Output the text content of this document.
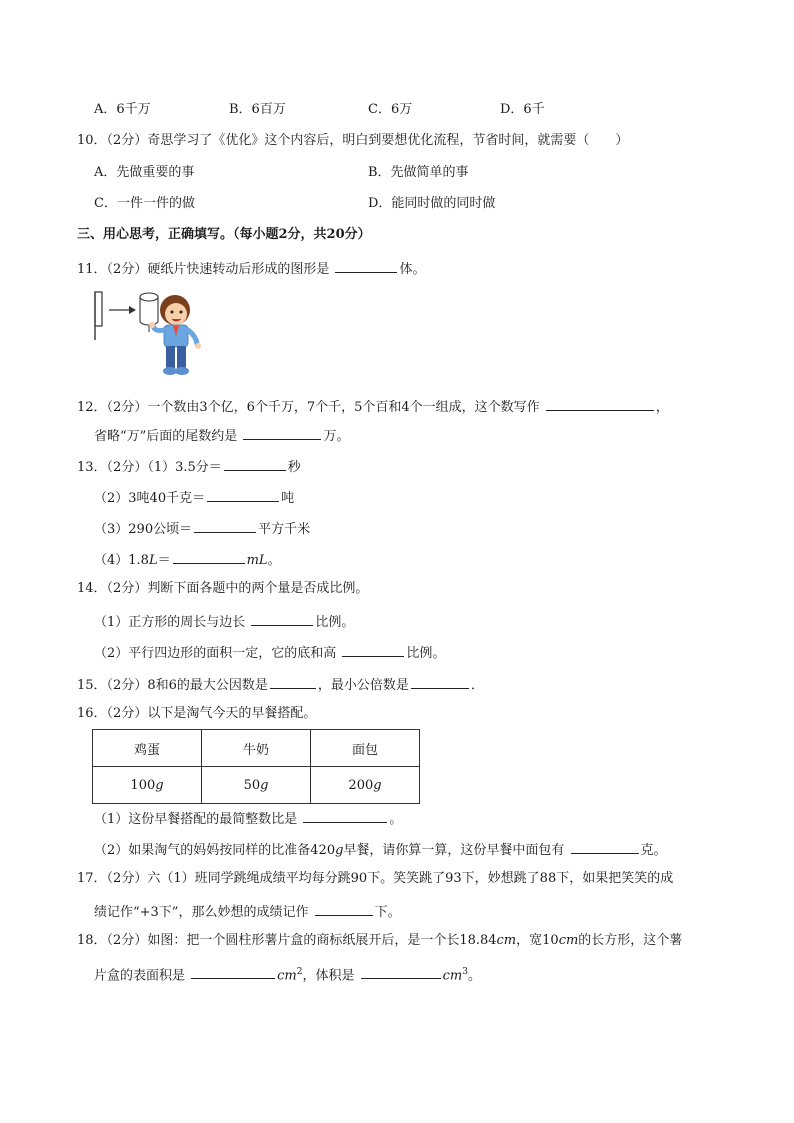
A．6千万	B．6百万	C．6万	D．6千
10．（2分）奇思学习了《优化》这个内容后，明白到要想优化流程，节省时间，就需要（　　）
A．先做重要的事	B．先做简单的事
C．一件一件的做	D．能同时做的同时做
三、用心思考，正确填写。（每小题2分，共20分）
11．（2分）硬纸片快速转动后形成的图形是	体。
12．（2分）一个数由3个亿，6个千万，7个千，5个百和4个一组成，这个数写作	，
省略“万”后面的尾数约是	万。
13．（2分）（1）3.5分＝	秒
（2）3吨40千克＝	吨
（3）290公顷＝	平方千米
（4）1.8L＝	mL。
14．（2分）判断下面各题中的两个量是否成比例。
（1）正方形的周长与边长	比例。
（2）平行四边形的面积一定，它的底和高	比例。
15．（2分）8和6的最大公因数是	，最小公倍数是	．
16．（2分）以下是淘气今天的早餐搭配。
鸡蛋	牛奶	面包
100g	50g	200g
（1）这份早餐搭配的最简整数比是	。
（2）如果淘气的妈妈按同样的比准备420g早餐，请你算一算，这份早餐中面包有	克。
17．（2分）六（1）班同学跳绳成绩平均每分跳90下。笑笑跳了93下，妙想跳了88下，如果把笑笑的成
绩记作“+3下”，那么妙想的成绩记作	下。
18．（2分）如图：把一个圆柱形薯片盒的商标纸展开后，是一个长18.84cm，宽10cm的长方形，这个薯
片盒的表面积是	$cm^2$，体积是	$cm^3$。
